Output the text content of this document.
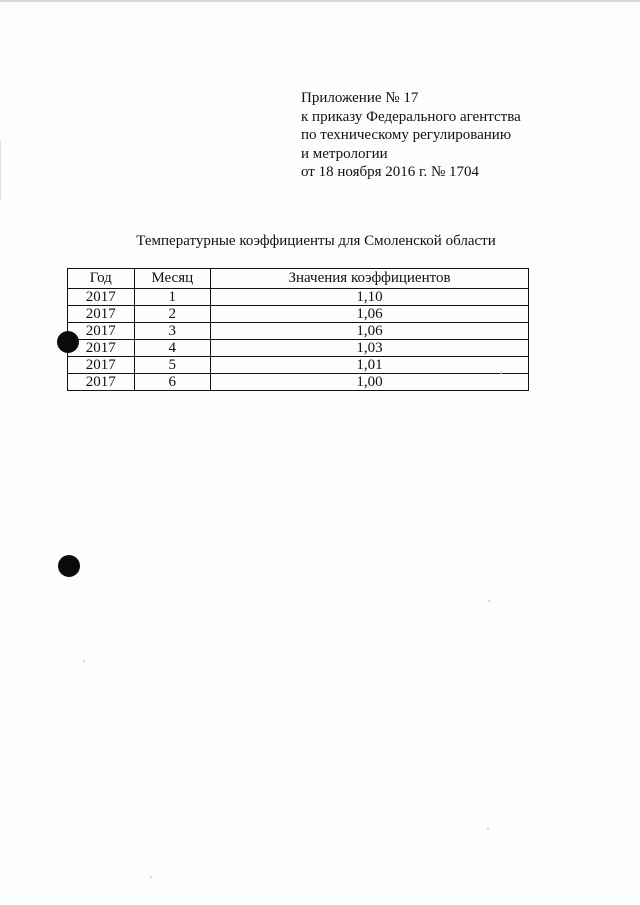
Приложение № 17
к приказу Федерального агентства
по техническому регулированию
и метрологии
от 18 ноября 2016 г. № 1704
Температурные коэффициенты для Смоленской области
Год	Месяц	Значения коэффициентов
2017	1	1,10
2017	2	1,06
2017	3	1,06
2017	4	1,03
2017	5	1,01
2017	6	1,00
